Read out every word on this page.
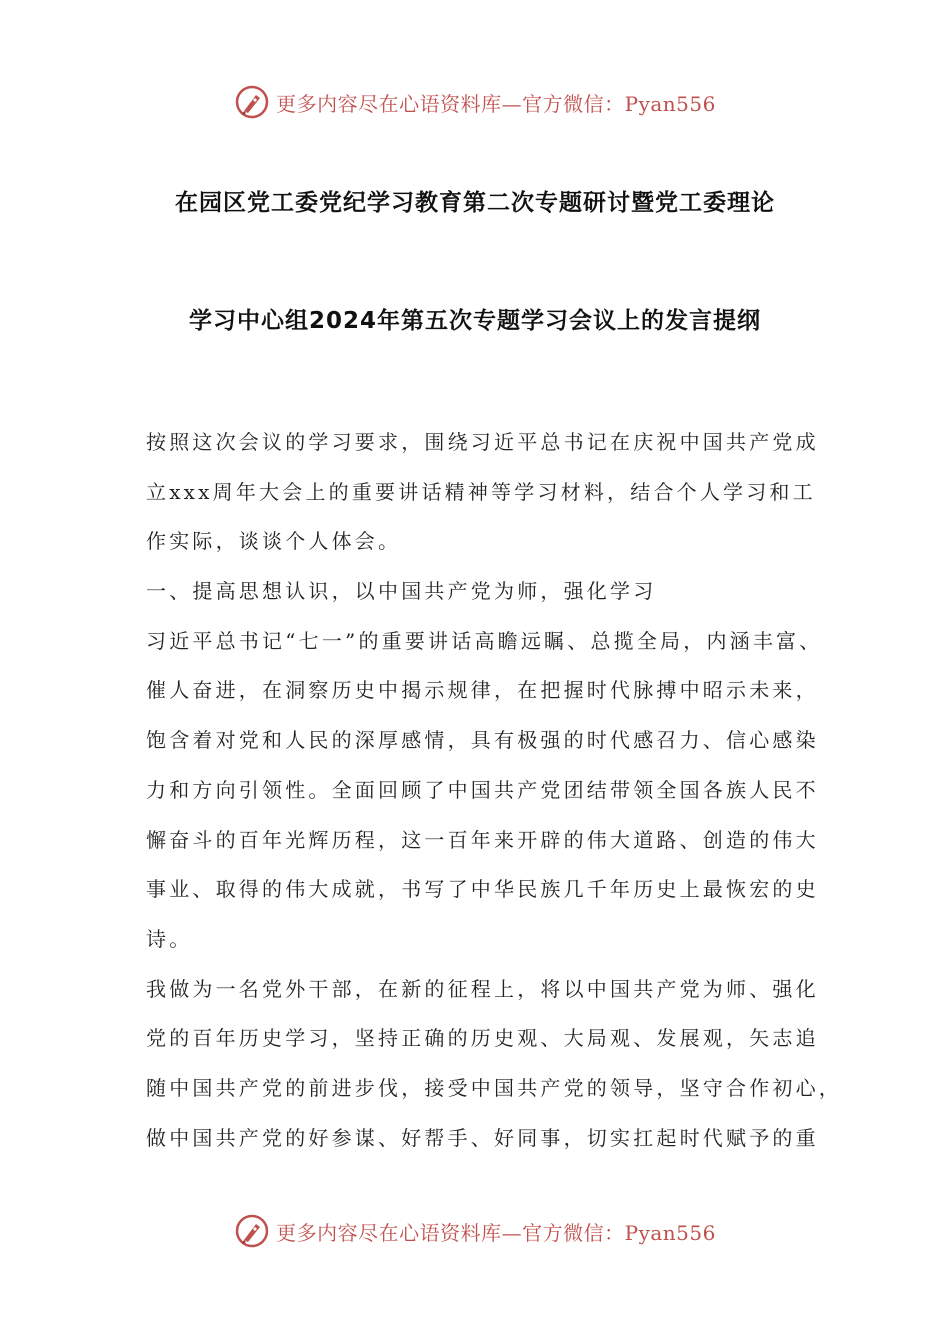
更多内容尽在心语资料库—官方微信：Pyan556
在园区党工委党纪学习教育第二次专题研讨暨党工委理论
学习中心组2024年第五次专题学习会议上的发言提纲
按照这次会议的学习要求，围绕习近平总书记在庆祝中国共产党成
立xxx周年大会上的重要讲话精神等学习材料，结合个人学习和工
作实际，谈谈个人体会。
一、提高思想认识，以中国共产党为师，强化学习
习近平总书记“七一”的重要讲话高瞻远瞩、总揽全局，内涵丰富、
催人奋进，在洞察历史中揭示规律，在把握时代脉搏中昭示未来，
饱含着对党和人民的深厚感情，具有极强的时代感召力、信心感染
力和方向引领性。全面回顾了中国共产党团结带领全国各族人民不
懈奋斗的百年光辉历程，这一百年来开辟的伟大道路、创造的伟大
事业、取得的伟大成就，书写了中华民族几千年历史上最恢宏的史
诗。
我做为一名党外干部，在新的征程上，将以中国共产党为师、强化
党的百年历史学习，坚持正确的历史观、大局观、发展观，矢志追
随中国共产党的前进步伐，接受中国共产党的领导，坚守合作初心，
做中国共产党的好参谋、好帮手、好同事，切实扛起时代赋予的重
更多内容尽在心语资料库—官方微信：Pyan556
